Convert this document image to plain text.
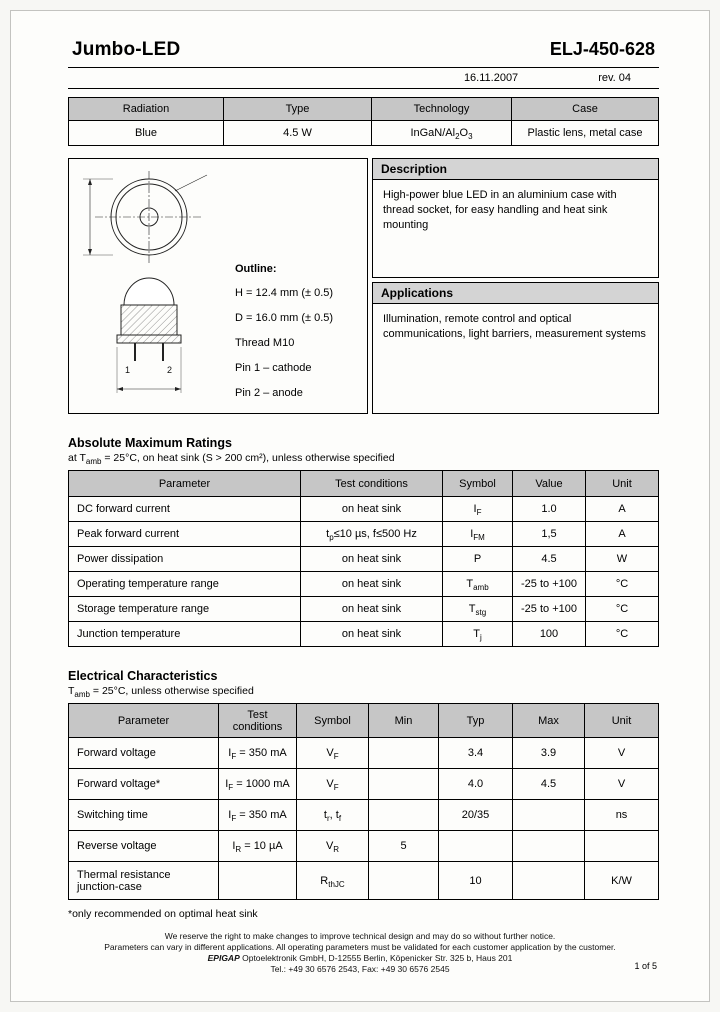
Jumbo-LED	ELJ-450-628
16.11.2007	rev. 04
Radiation	Type	Technology	Case
Blue	4.5 W	InGaN/$Al_2O_3$	Plastic lens, metal case
1	2
Outline:
H = 12.4 mm (± 0.5)
D = 16.0 mm (± 0.5)
Thread M10
Pin 1 – cathode
Pin 2 – anode
Description
High-power blue LED in an aluminium case with thread socket, for easy handling and heat sink mounting
Applications
Illumination, remote control and optical communications, light barriers, measurement systems
Absolute Maximum Ratings
at $T_{amb} = 25^\circ C$, on heat sink (S > 200 cm²), unless otherwise specified
Parameter	Test conditions	Symbol	Value	Unit
DC forward current	on heat sink	$I_F$	1.0	A
Peak forward current	$t_p\le 10$ µs, f≤500 Hz	$I_{FM}$	1,5	A
Power dissipation	on heat sink	P	4.5	W
Operating temperature range	on heat sink	$T_{amb}$	-25 to +100	°C
Storage temperature range	on heat sink	$T_{stg}$	-25 to +100	°C
Junction temperature	on heat sink	$T_j$	100	°C
Electrical Characteristics
$T_{amb} = 25^\circ C$, unless otherwise specified
Parameter	Test conditions	Symbol	Min	Typ	Max	Unit
Forward voltage	$I_F = 350$ mA	$V_F$		3.4	3.9	V
Forward voltage*	$I_F = 1000$ mA	$V_F$		4.0	4.5	V
Switching time	$I_F = 350$ mA	$t_r$, $t_f$		20/35		ns
Reverse voltage	$I_R = 10$ µA	$V_R$	5			
Thermal resistance junction-case		$R_{thJC}$		10		K/W
*only recommended on optimal heat sink
We reserve the right to make changes to improve technical design and may do so without further notice.
Parameters can vary in different applications. All operating parameters must be validated for each customer application by the customer.
EPIGAP Optoelektronik GmbH, D-12555 Berlin, Köpenicker Str. 325 b, Haus 201
Tel.: +49 30 6576 2543, Fax: +49 30 6576 2545	1 of 5
